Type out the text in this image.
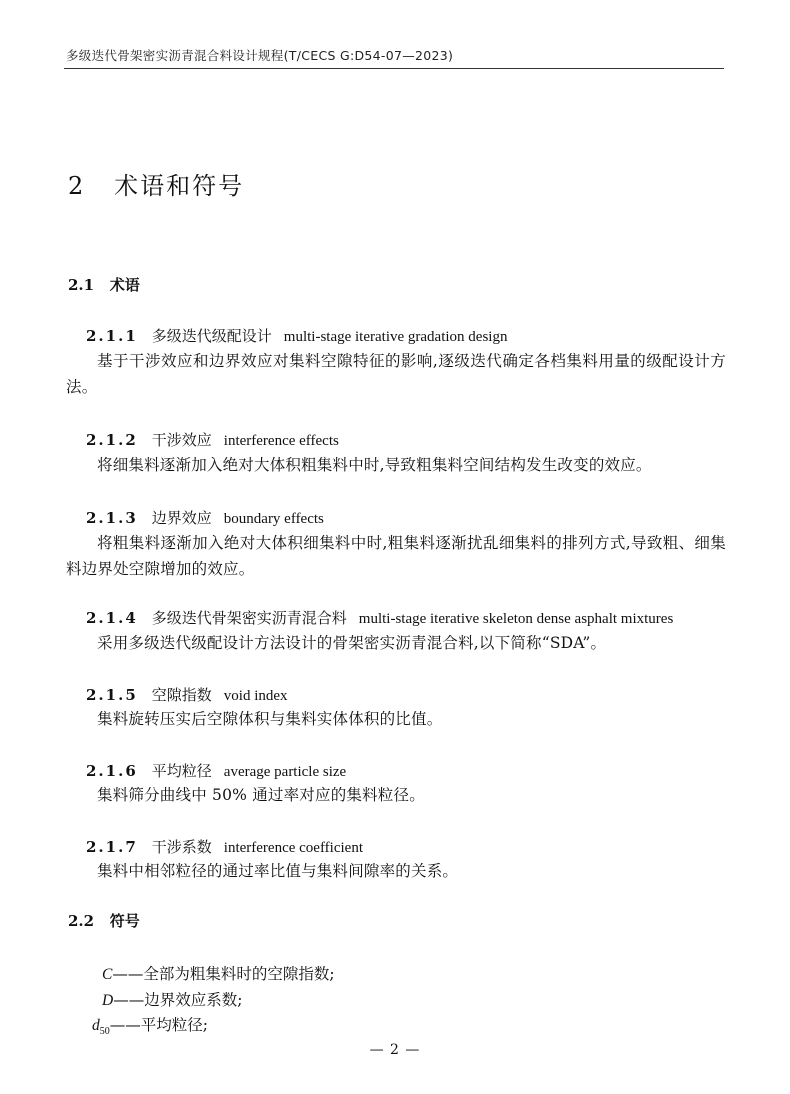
多级迭代骨架密实沥青混合料设计规程(T/CECS G:D54-07—2023)
2   术语和符号
2.1   术语
2.1.1 多级迭代级配设计 multi-stage iterative gradation design
基于干涉效应和边界效应对集料空隙特征的影响,逐级迭代确定各档集料用量的级配设计方法。
2.1.2 干涉效应 interference effects
将细集料逐渐加入绝对大体积粗集料中时,导致粗集料空间结构发生改变的效应。
2.1.3 边界效应 boundary effects
将粗集料逐渐加入绝对大体积细集料中时,粗集料逐渐扰乱细集料的排列方式,导致粗、细集料边界处空隙增加的效应。
2.1.4 多级迭代骨架密实沥青混合料 multi-stage iterative skeleton dense asphalt mixtures
采用多级迭代级配设计方法设计的骨架密实沥青混合料,以下简称“SDA”。
2.1.5 空隙指数 void index
集料旋转压实后空隙体积与集料实体体积的比值。
2.1.6 平均粒径 average particle size
集料筛分曲线中 50% 通过率对应的集料粒径。
2.1.7 干涉系数 interference coefficient
集料中相邻粒径的通过率比值与集料间隙率的关系。
2.2   符号
C——全部为粗集料时的空隙指数;
D——边界效应系数;
$d_{50}——$平均粒径;
— 2 —
